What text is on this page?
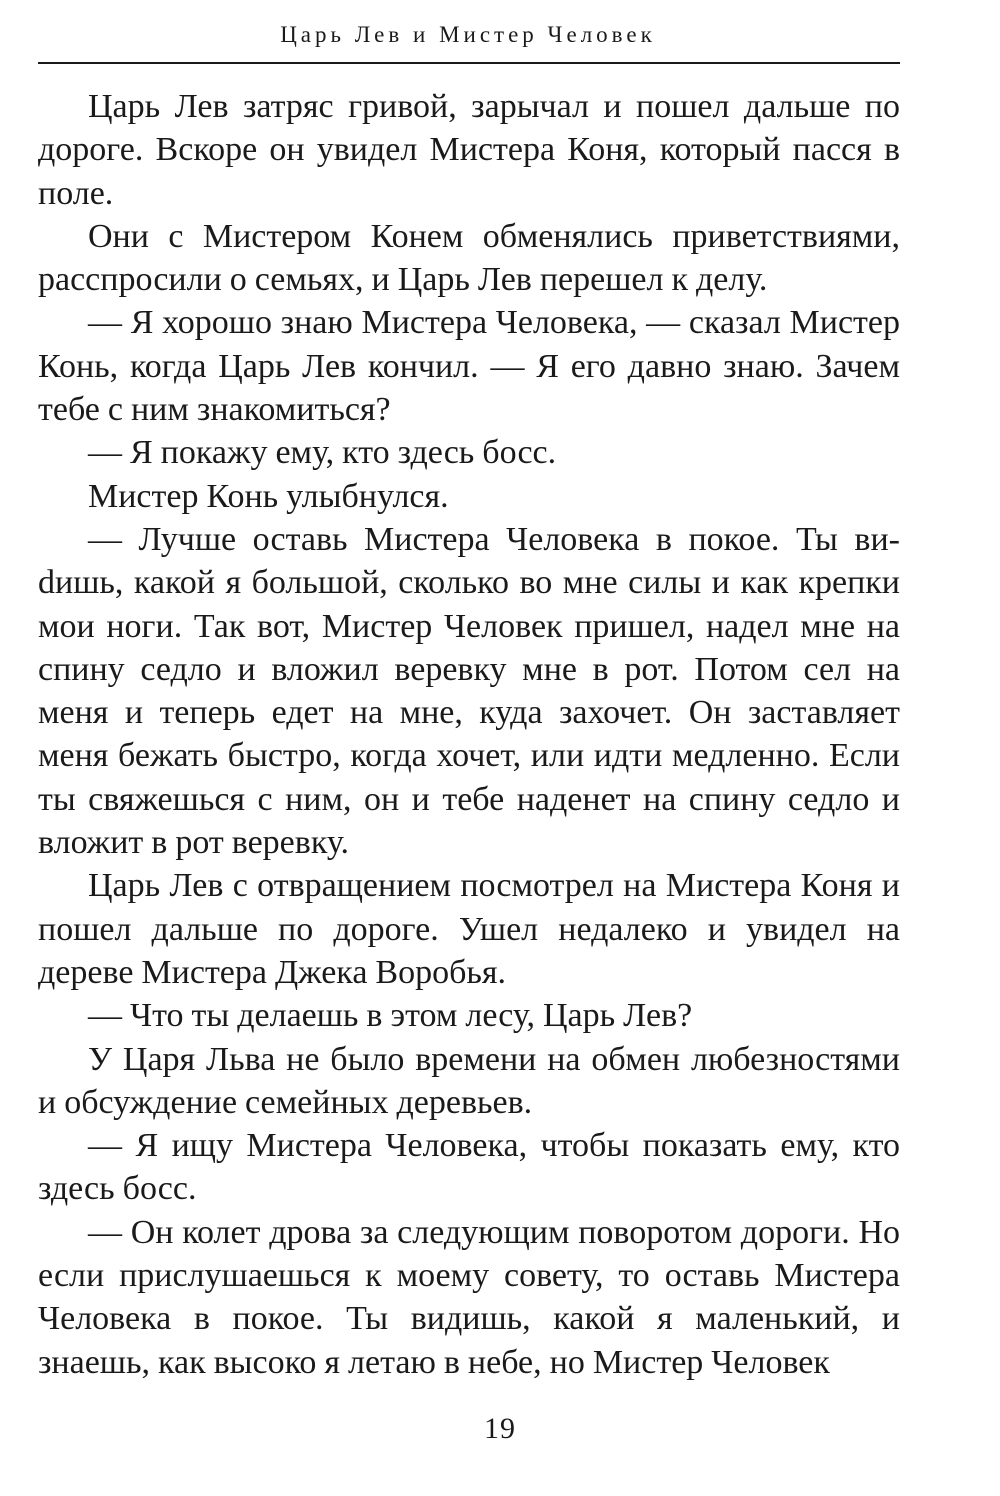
Царь Лев и Мистер Человек

Царь Лев затряс гривой, зарычал и пошел дальше по дороге. Вскоре он увидел Мистера Коня, который пасся в поле.

Они с Мистером Конем обменялись приветствиями, расспросили о семьях, и Царь Лев перешел к делу.

— Я хорошо знаю Мистера Человека, — сказал Мистер Конь, когда Царь Лев кончил. — Я его давно знаю. Зачем тебе с ним знакомиться?

— Я покажу ему, кто здесь босс.

Мистер Конь улыбнулся.

— Лучше оставь Мистера Человека в покое. Ты виdишь, какой я большой, сколько во мне силы и как крепки мои ноги. Так вот, Мистер Человек пришел, надел мне на спину седло и вложил веревку мне в рот. Потом сел на меня и теперь едет на мне, куда захочет. Он заставляет меня бежать быстро, когда хочет, или идти медленно. Если ты свяжешься с ним, он и тебе наденет на спину седло и вложит в рот веревку.

Царь Лев с отвращением посмотрел на Мистера Коня и пошел дальше по дороге. Ушел недалеко и увидел на дереве Мистера Джека Воробья.

— Что ты делаешь в этом лесу, Царь Лев?

У Царя Льва не было времени на обмен любезностями и обсуждение семейных деревьев.

— Я ищу Мистера Человека, чтобы показать ему, кто здесь босс.

— Он колет дрова за следующим поворотом дороги. Но если прислушаешься к моему совету, то оставь Мистера Человека в покое. Ты видишь, какой я маленький, и знаешь, как высоко я летаю в небе, но Мистер Человек

19
